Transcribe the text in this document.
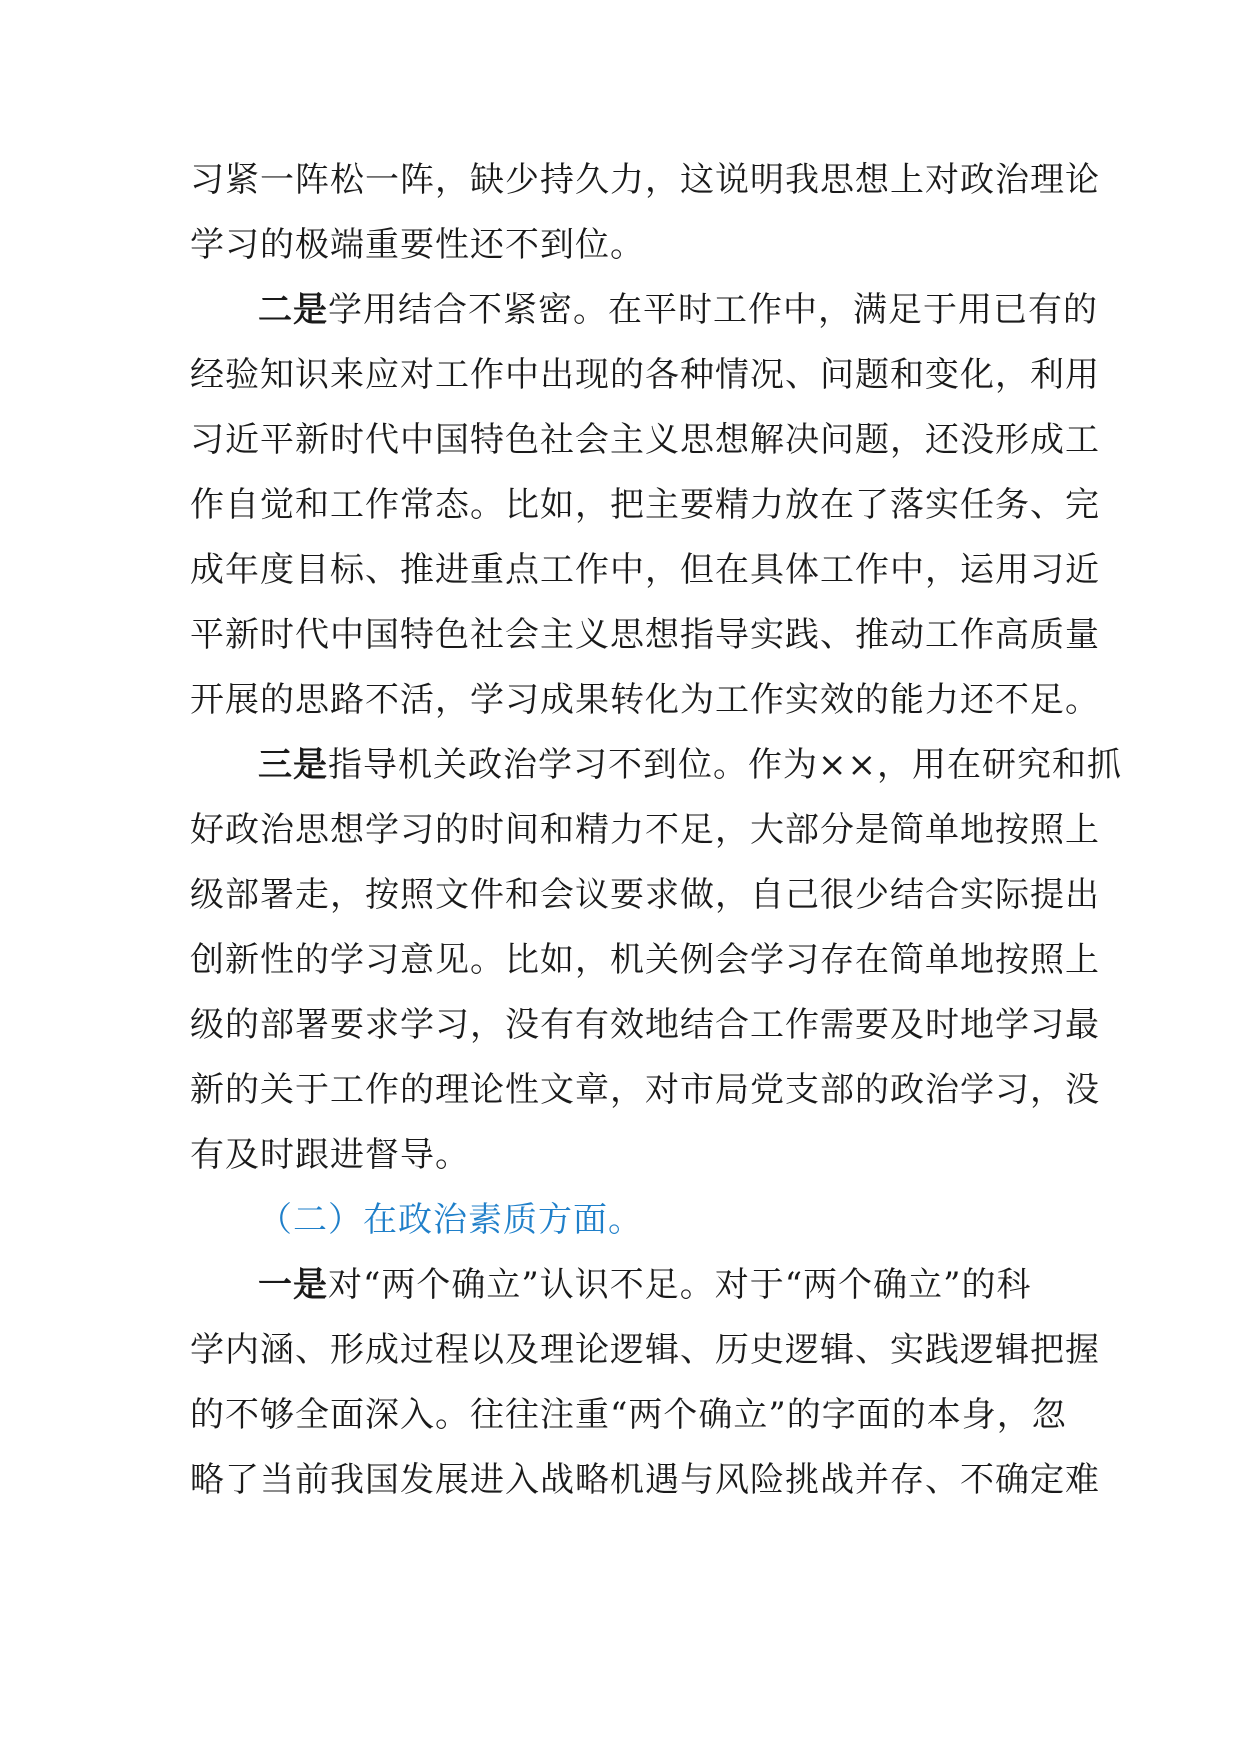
习紧一阵松一阵，缺少持久力，这说明我思想上对政治理论
学习的极端重要性还不到位。
二是学用结合不紧密。在平时工作中，满足于用已有的
经验知识来应对工作中出现的各种情况、问题和变化，利用
习近平新时代中国特色社会主义思想解决问题，还没形成工
作自觉和工作常态。比如，把主要精力放在了落实任务、完
成年度目标、推进重点工作中，但在具体工作中，运用习近
平新时代中国特色社会主义思想指导实践、推动工作高质量
开展的思路不活，学习成果转化为工作实效的能力还不足。
三是指导机关政治学习不到位。作为××，用在研究和抓
好政治思想学习的时间和精力不足，大部分是简单地按照上
级部署走，按照文件和会议要求做，自己很少结合实际提出
创新性的学习意见。比如，机关例会学习存在简单地按照上
级的部署要求学习，没有有效地结合工作需要及时地学习最
新的关于工作的理论性文章，对市局党支部的政治学习，没
有及时跟进督导。
（二）在政治素质方面。
一是对“两个确立”认识不足。对于“两个确立”的科
学内涵、形成过程以及理论逻辑、历史逻辑、实践逻辑把握
的不够全面深入。往往注重“两个确立”的字面的本身，忽
略了当前我国发展进入战略机遇与风险挑战并存、不确定难
